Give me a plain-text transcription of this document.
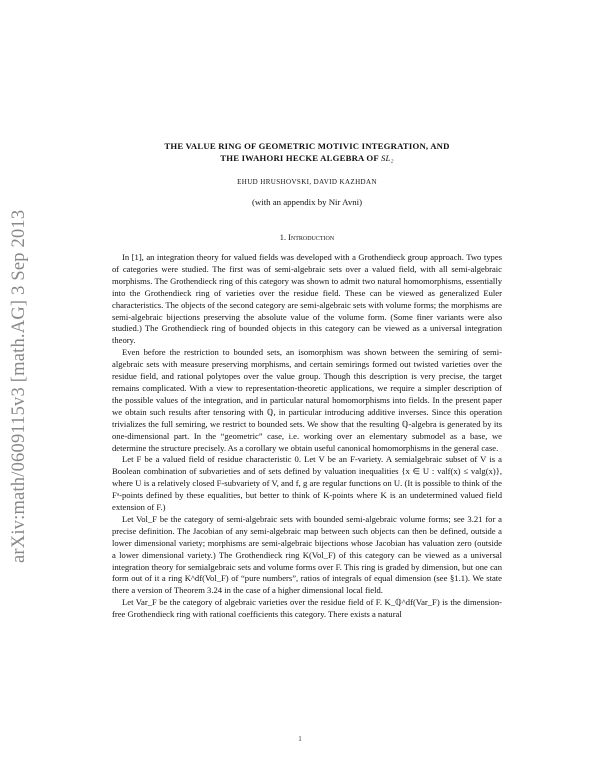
arXiv:math/0609115v3 [math.AG] 3 Sep 2013
THE VALUE RING OF GEOMETRIC MOTIVIC INTEGRATION, AND
THE IWAHORI HECKE ALGEBRA OF SL₂
EHUD HRUSHOVSKI, DAVID KAZHDAN
(with an appendix by Nir Avni)
1. Introduction

In [1], an integration theory for valued fields was developed with a Grothendieck group approach. Two types of categories were studied. The first was of semi-algebraic sets over a valued field, with all semi-algebraic morphisms. The Grothendieck ring of this category was shown to admit two natural homomorphisms, essentially into the Grothendieck ring of varieties over the residue field. These can be viewed as generalized Euler characteristics. The objects of the second category are semi-algebraic sets with volume forms; the morphisms are semi-algebraic bijections preserving the absolute value of the volume form. (Some finer variants were also studied.) The Grothendieck ring of bounded objects in this category can be viewed as a universal integration theory.

Even before the restriction to bounded sets, an isomorphism was shown between the semiring of semi-algebraic sets with measure preserving morphisms, and certain semirings formed out twisted varieties over the residue field, and rational polytopes over the value group. Though this description is very precise, the target remains complicated. With a view to representation-theoretic applications, we require a simpler description of the possible values of the integration, and in particular natural homomorphisms into fields. In the present paper we obtain such results after tensoring with ℚ, in particular introducing additive inverses. Since this operation trivializes the full semiring, we restrict to bounded sets. We show that the resulting ℚ-algebra is generated by its one-dimensional part. In the “geometric” case, i.e. working over an elementary submodel as a base, we determine the structure precisely. As a corollary we obtain useful canonical homomorphisms in the general case.

Let F be a valued field of residue characteristic 0. Let V be an F-variety. A semialgebraic subset of V is a Boolean combination of subvarieties and of sets defined by valuation inequalities {x ∈ U : valf(x) ≤ valg(x)}, where U is a relatively closed F-subvariety of V, and f, g are regular functions on U. (It is possible to think of the Fᵃ-points defined by these equalities, but better to think of K-points where K is an undetermined valued field extension of F.)

Let Vol_F be the category of semi-algebraic sets with bounded semi-algebraic volume forms; see 3.21 for a precise definition. The Jacobian of any semi-algebraic map between such objects can then be defined, outside a lower dimensional variety; morphisms are semi-algebraic bijections whose Jacobian has valuation zero (outside a lower dimensional variety.) The Grothendieck ring K(Vol_F) of this category can be viewed as a universal integration theory for semialgebraic sets and volume forms over F. This ring is graded by dimension, but one can form out of it a ring K^df(Vol_F) of “pure numbers”, ratios of integrals of equal dimension (see §1.1). We state there a version of Theorem 3.24 in the case of a higher dimensional local field.

Let Var_F be the category of algebraic varieties over the residue field of F. K_ℚ^df(Var_F) is the dimension-free Grothendieck ring with rational coefficients this category. There exists a natural

1
